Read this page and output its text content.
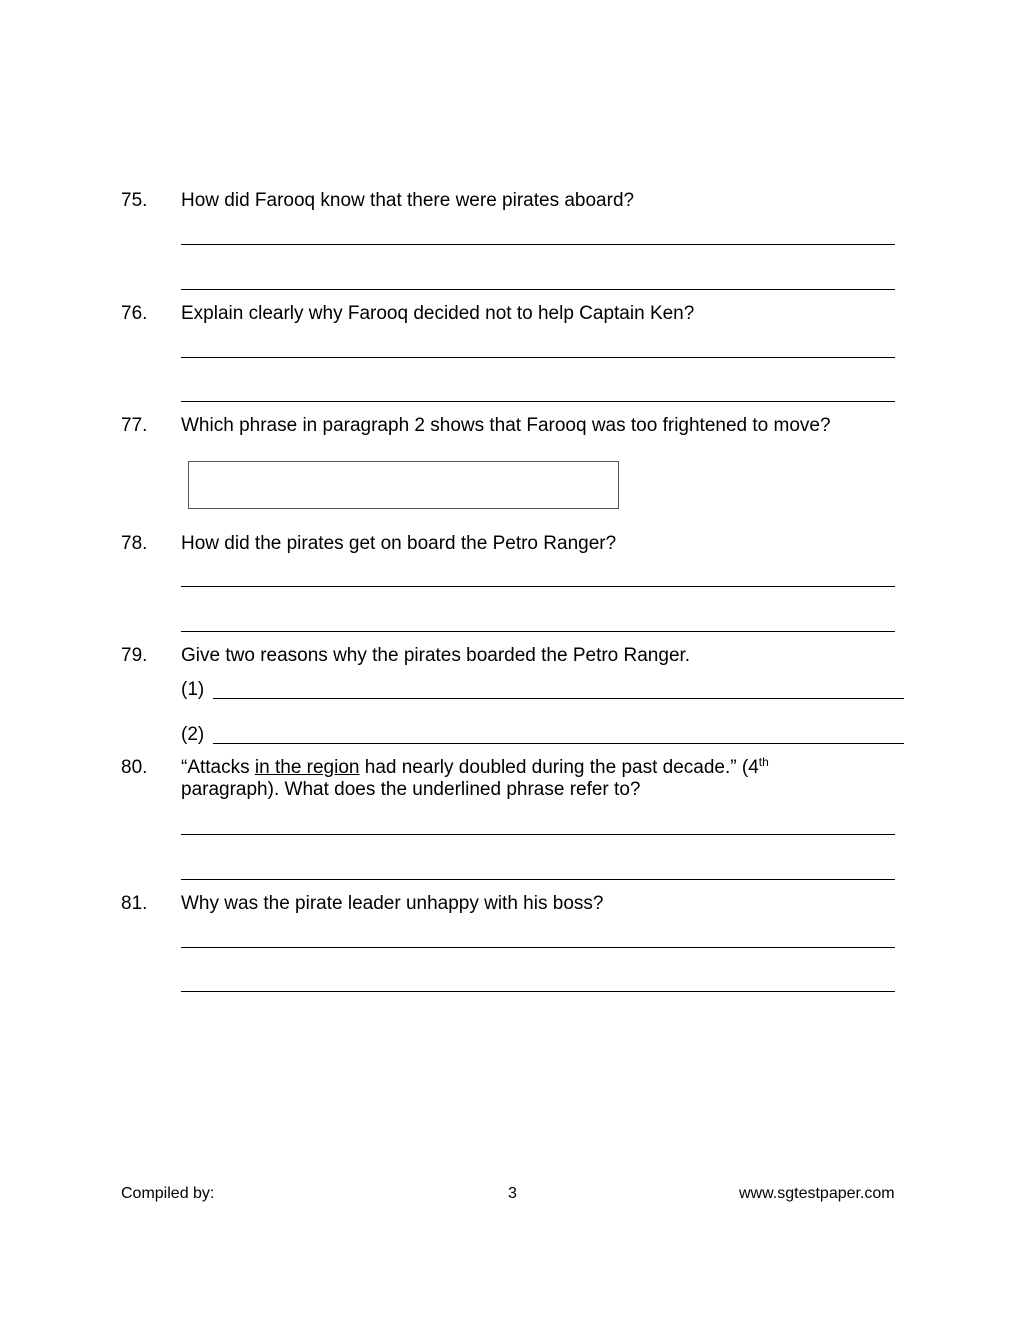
75. How did Farooq know that there were pirates aboard?
76. Explain clearly why Farooq decided not to help Captain Ken?
77. Which phrase in paragraph 2 shows that Farooq was too frightened to move?
78. How did the pirates get on board the Petro Ranger?
79. Give two reasons why the pirates boarded the Petro Ranger.
(1)
(2)
80. “Attacks in the region had nearly doubled during the past decade.” (4th
paragraph). What does the underlined phrase refer to?
81. Why was the pirate leader unhappy with his boss?
Compiled by:	3	www.sgtestpaper.com
